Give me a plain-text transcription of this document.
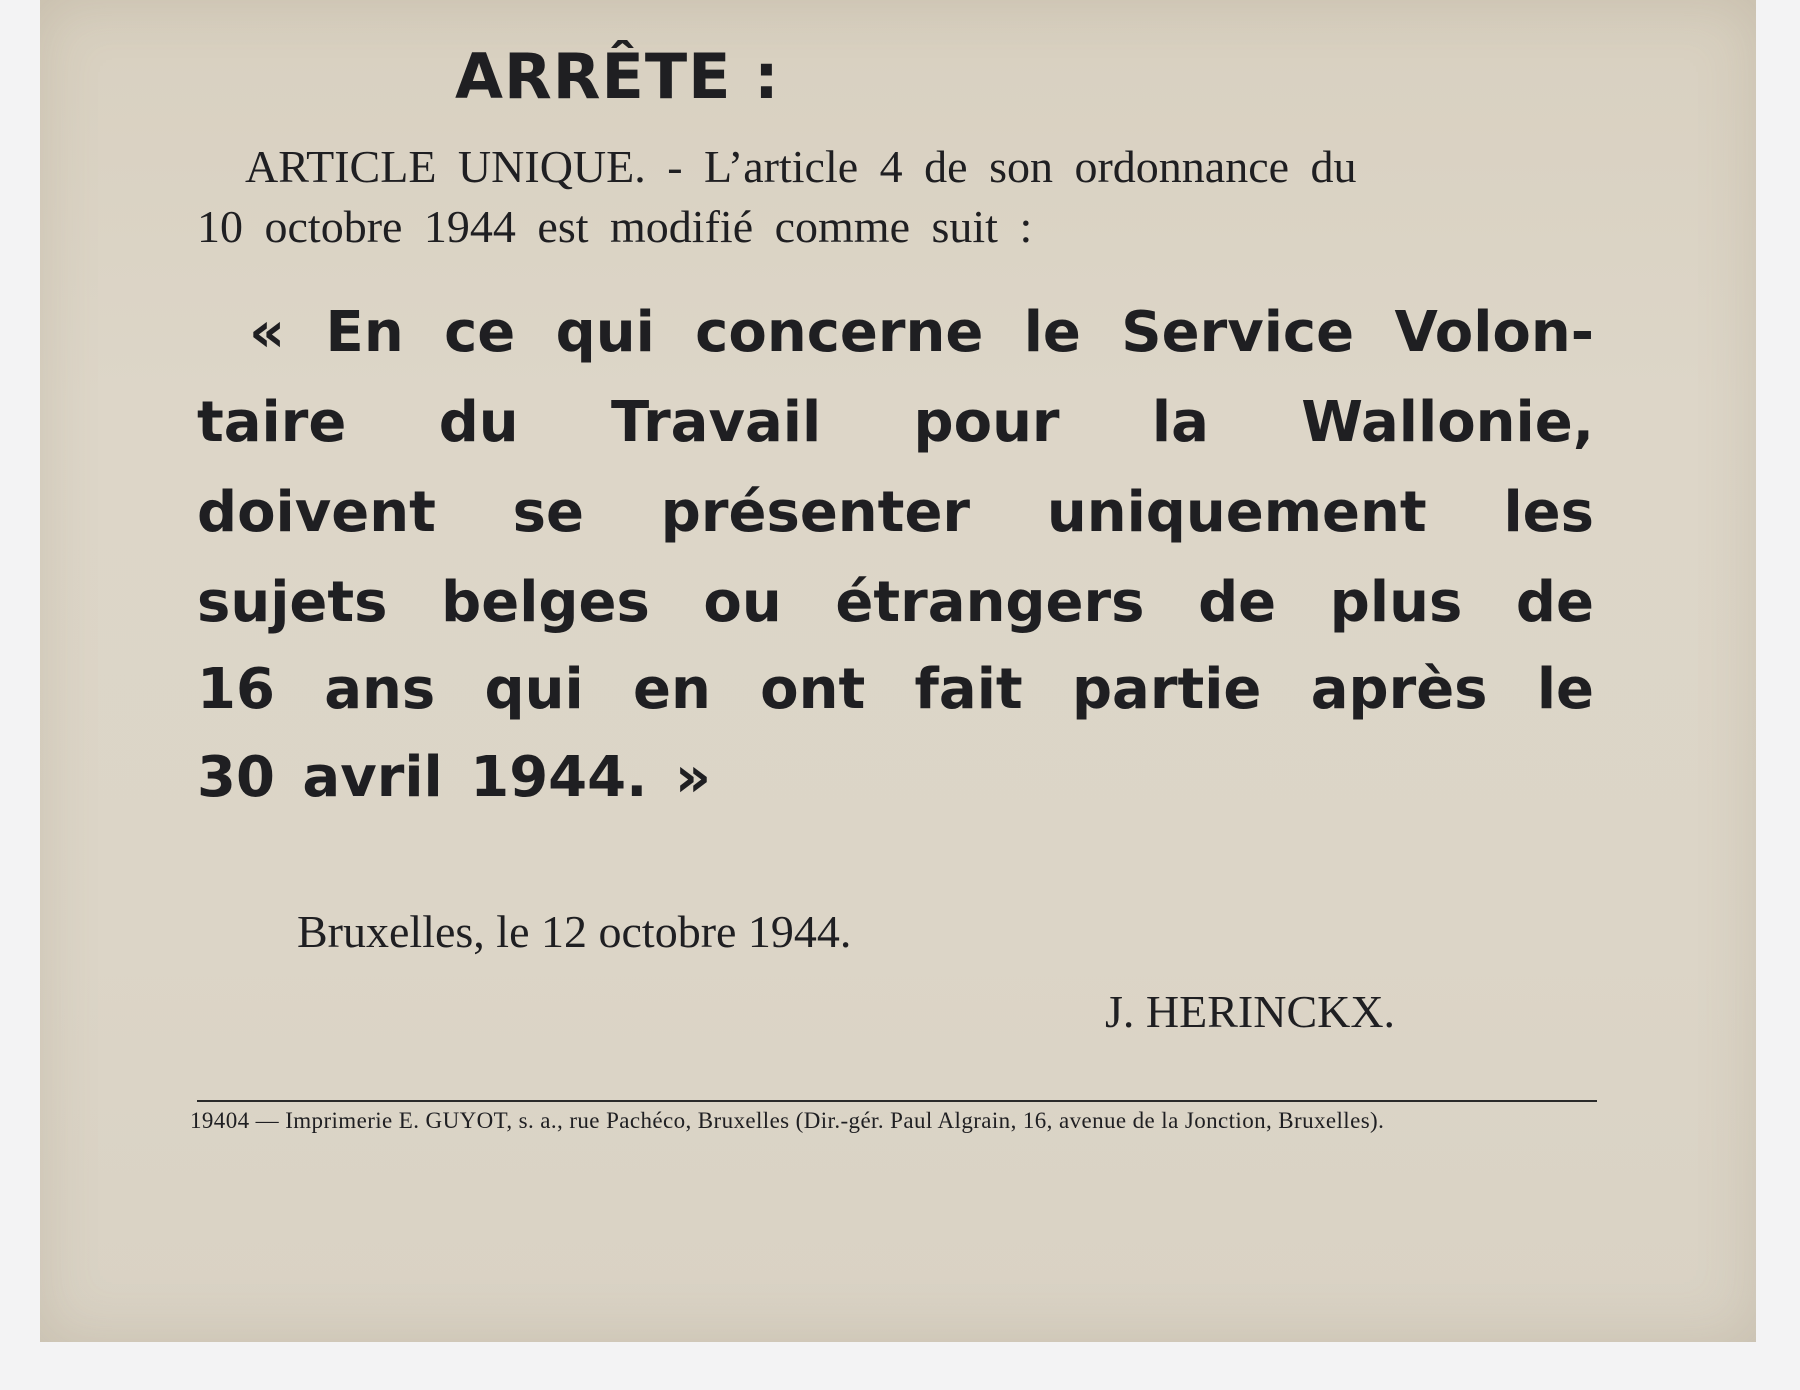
ARRÊTE :

ARTICLE UNIQUE. - L’article 4 de son ordonnance du

10 octobre 1944 est modifié comme suit :

« En ce qui concerne le Service Volon-

taire du Travail pour la Wallonie,

doivent se présenter uniquement les

sujets belges ou étrangers de plus de

16 ans qui en ont fait partie après le

30 avril 1944. »

Bruxelles, le 12 octobre 1944.

J. HERINCKX.

19404 — Imprimerie E. GUYOT, s. a., rue Pachéco, Bruxelles (Dir.-gér. Paul Algrain, 16, avenue de la Jonction, Bruxelles).
